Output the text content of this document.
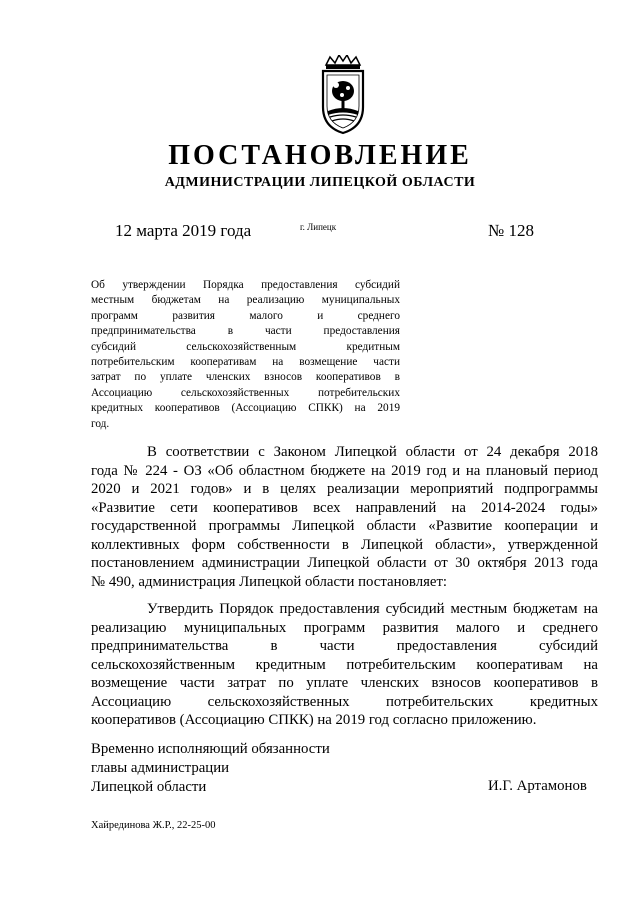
ПОСТАНОВЛЕНИЕ
АДМИНИСТРАЦИИ ЛИПЕЦКОЙ ОБЛАСТИ
12 марта 2019 года	г. Липецк	№ 128
Об утверждении Порядка предоставления субсидий
местным бюджетам на реализацию муниципальных
программ развития малого и среднего
предпринимательства в части предоставления
субсидий сельскохозяйственным кредитным
потребительским кооперативам на возмещение части
затрат по уплате членских взносов кооперативов в
Ассоциацию сельскохозяйственных потребительских
кредитных кооперативов (Ассоциацию СПКК) на 2019
год.
В соответствии с Законом Липецкой области от 24 декабря 2018
года № 224 - ОЗ «Об областном бюджете на 2019 год и на плановый период
2020 и 2021 годов» и в целях реализации мероприятий подпрограммы
«Развитие сети кооперативов всех направлений на 2014-2024 годы»
государственной программы Липецкой области «Развитие кооперации и
коллективных форм собственности в Липецкой области», утвержденной
постановлением администрации Липецкой области от 30 октября 2013 года
№ 490, администрация Липецкой области постановляет:
Утвердить Порядок предоставления субсидий местным бюджетам на
реализацию муниципальных программ развития малого и среднего
предпринимательства в части предоставления субсидий
сельскохозяйственным кредитным потребительским кооперативам на
возмещение части затрат по уплате членских взносов кооперативов в
Ассоциацию сельскохозяйственных потребительских кредитных
кооперативов (Ассоциацию СПКК) на 2019 год согласно приложению.
Временно исполняющий обязанности
главы администрации
Липецкой области	И.Г. Артамонов
Хайрединова Ж.Р., 22-25-00
